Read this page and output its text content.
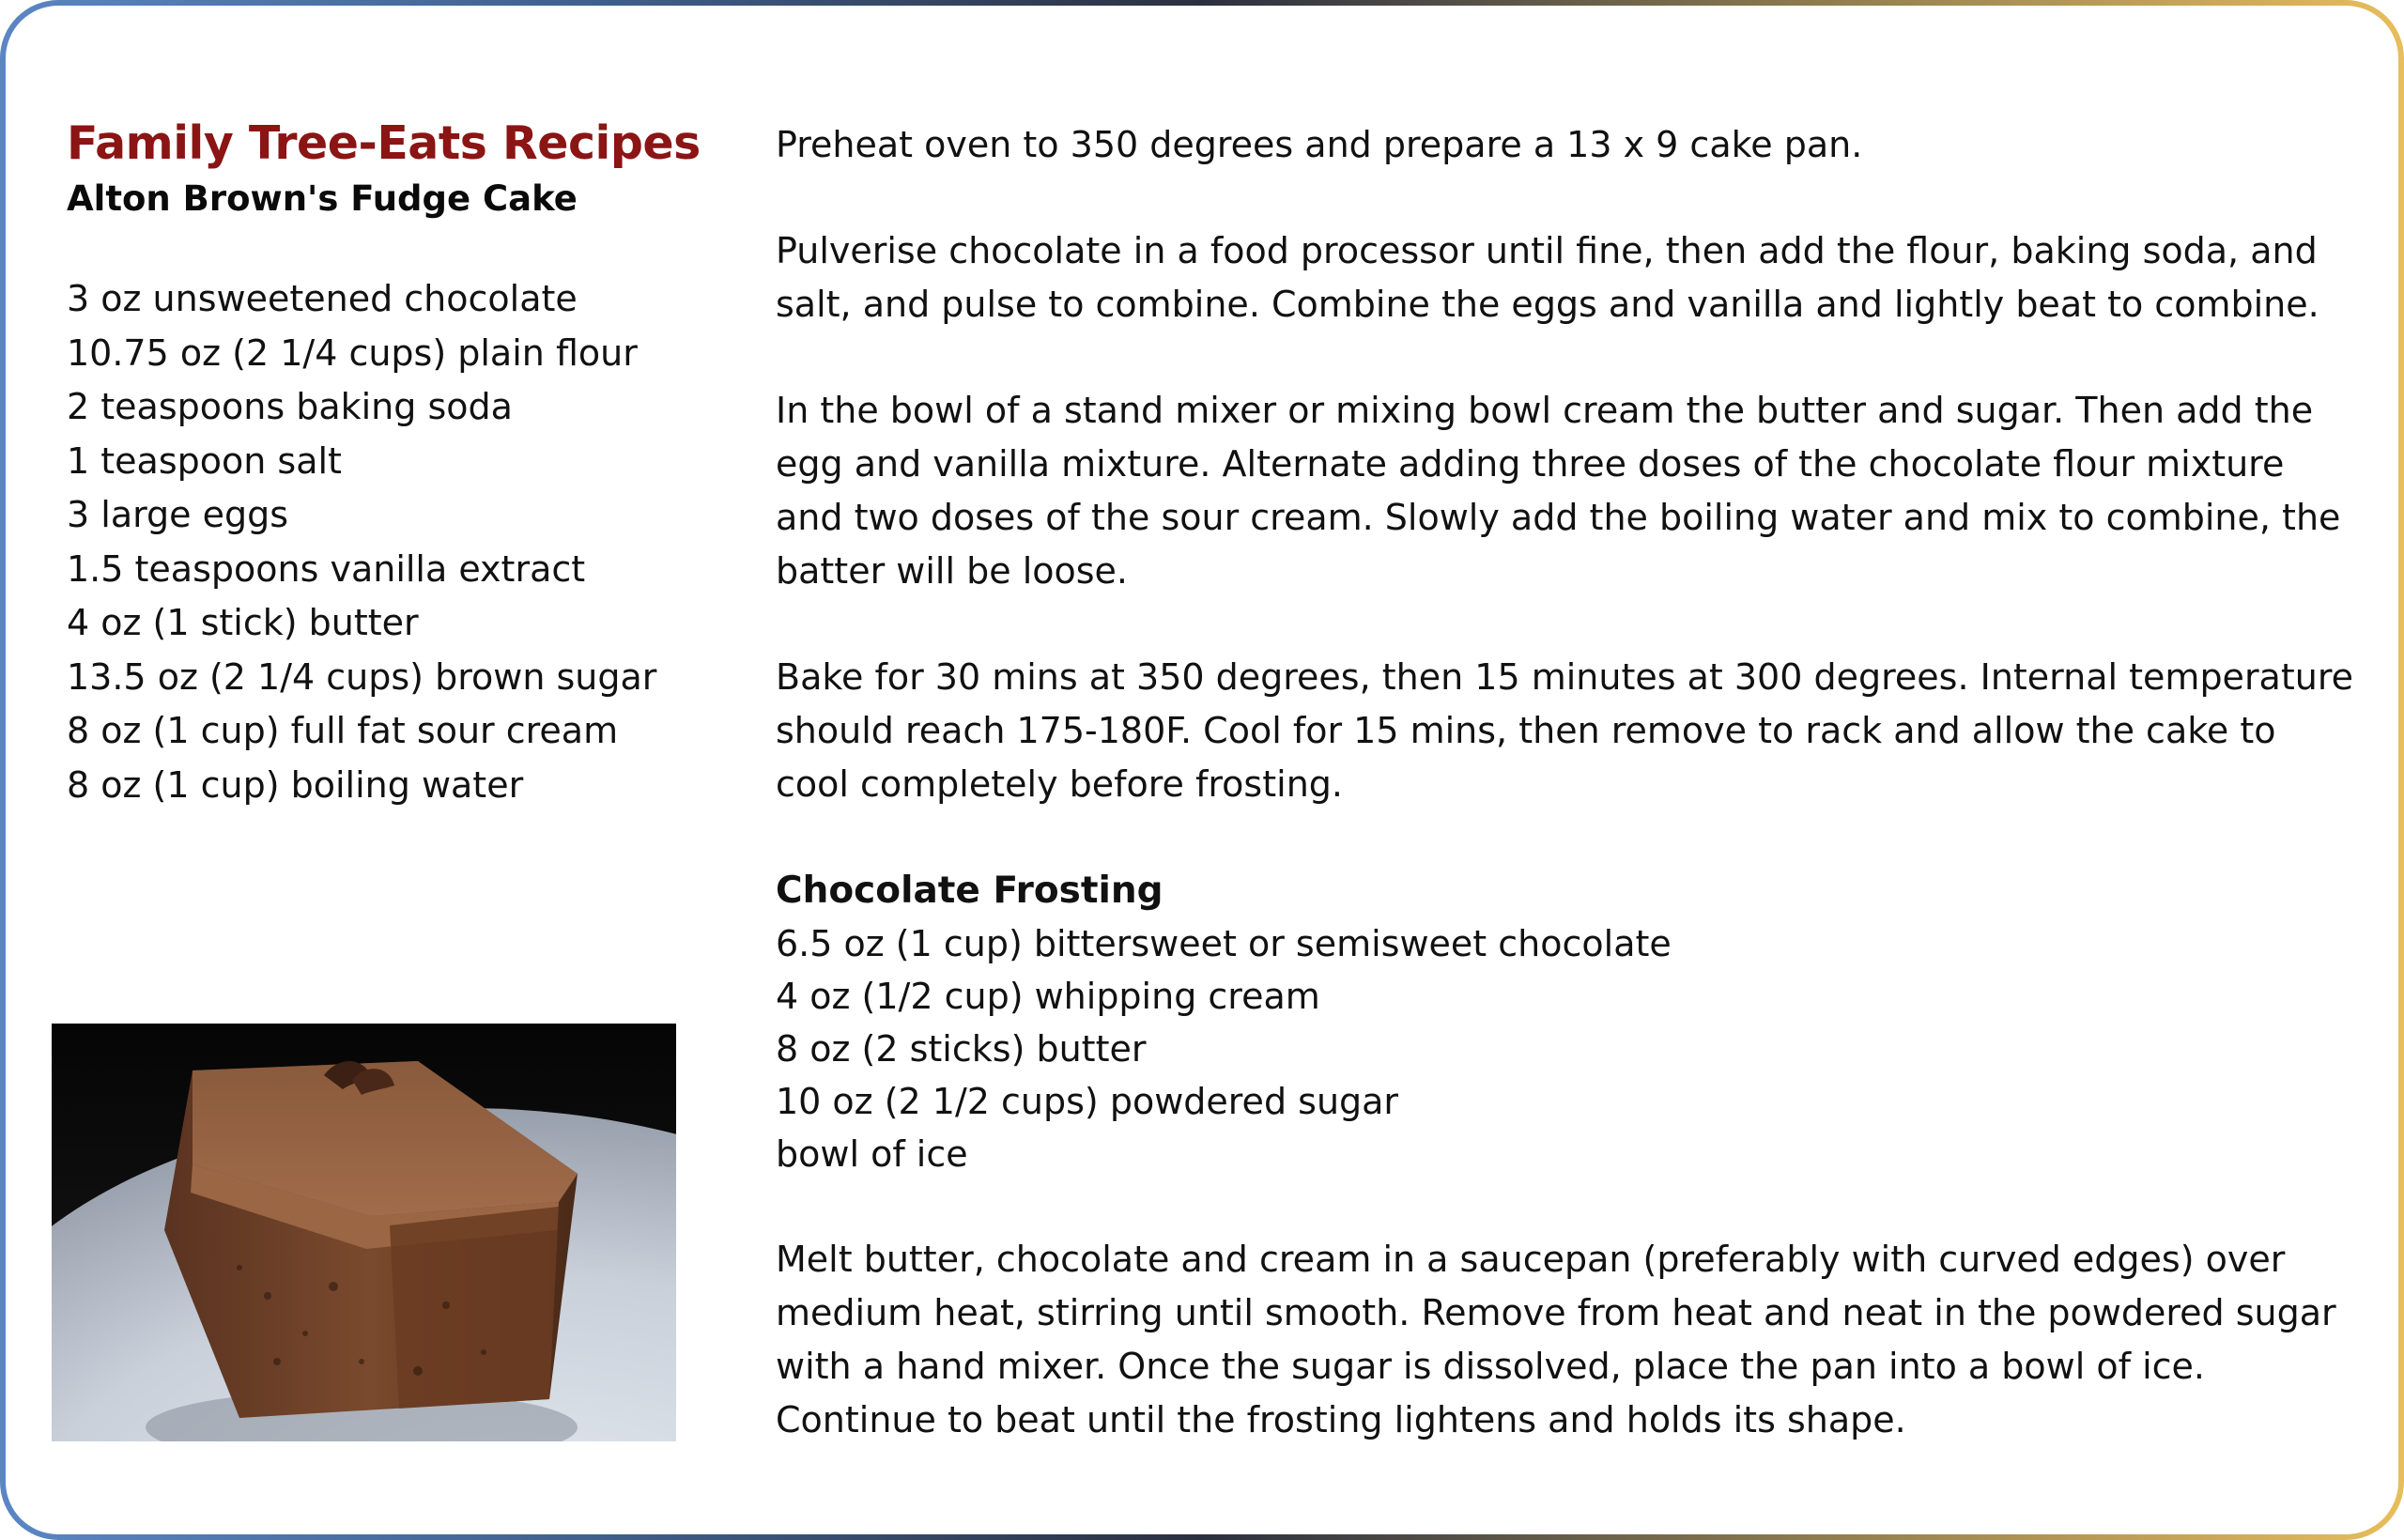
Family Tree-Eats Recipes
Alton Brown's Fudge Cake
3 oz unsweetened chocolate
10.75 oz (2 1/4 cups) plain flour
2 teaspoons baking soda
1 teaspoon salt
3 large eggs
1.5 teaspoons vanilla extract
4 oz (1 stick) butter
13.5 oz (2 1/4 cups) brown sugar
8 oz (1 cup) full fat sour cream
8 oz (1 cup) boiling water

Preheat oven to 350 degrees and prepare a 13 x 9 cake pan.

Pulverise chocolate in a food processor until fine, then add the flour, baking soda, and salt, and pulse to combine. Combine the eggs and vanilla and lightly beat to combine.

In the bowl of a stand mixer or mixing bowl cream the butter and sugar. Then add the egg and vanilla mixture. Alternate adding three doses of the chocolate flour mixture and two doses of the sour cream. Slowly add the boiling water and mix to combine, the batter will be loose.

Bake for 30 mins at 350 degrees, then 15 minutes at 300 degrees. Internal temperature should reach 175-180F. Cool for 15 mins, then remove to rack and allow the cake to cool completely before frosting.

Chocolate Frosting
6.5 oz (1 cup) bittersweet or semisweet chocolate
4 oz (1/2 cup) whipping cream
8 oz (2 sticks) butter
10 oz (2 1/2 cups) powdered sugar
bowl of ice

Melt butter, chocolate and cream in a saucepan (preferably with curved edges) over medium heat, stirring until smooth. Remove from heat and neat in the powdered sugar with a hand mixer. Once the sugar is dissolved, place the pan into a bowl of ice. Continue to beat until the frosting lightens and holds its shape.
